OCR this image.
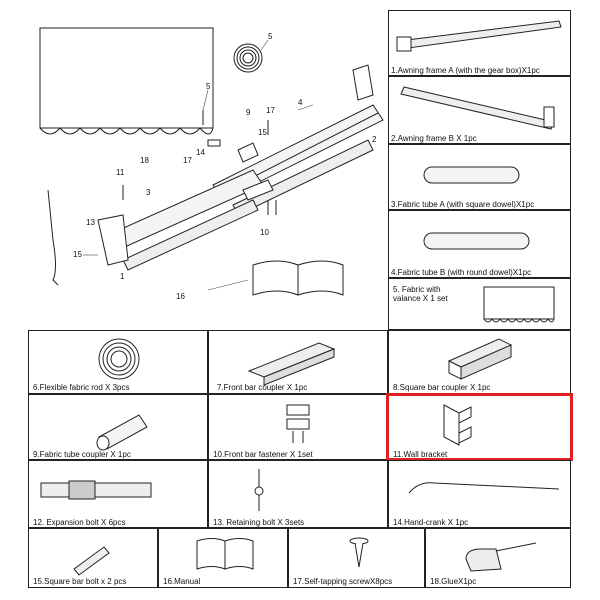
5
5
9 17
4
2
15
14
18	17
11
3
13
10
15
1
16
1.Awning frame A (with the gear box)X1pc
2.Awning frame B X 1pc
3.Fabric tube A (with square dowel)X1pc
4.Fabric tube B (with round dowel)X1pc
5. Fabric with valance X 1 set
6.Flexible fabric rod X 3pcs	7.Front bar coupler X 1pc	8.Square bar coupler X 1pc
9.Fabric tube coupler X 1pc	10.Front bar fastener X 1set	11.Wall bracket
12. Expansion bolt X 6pcs	13. Retaining bolt X 3sets	14.Hand-crank X 1pc
15.Square bar bolt x 2 pcs	16.Manual	17.Self-tapping screwX8pcs	18.GlueX1pc
